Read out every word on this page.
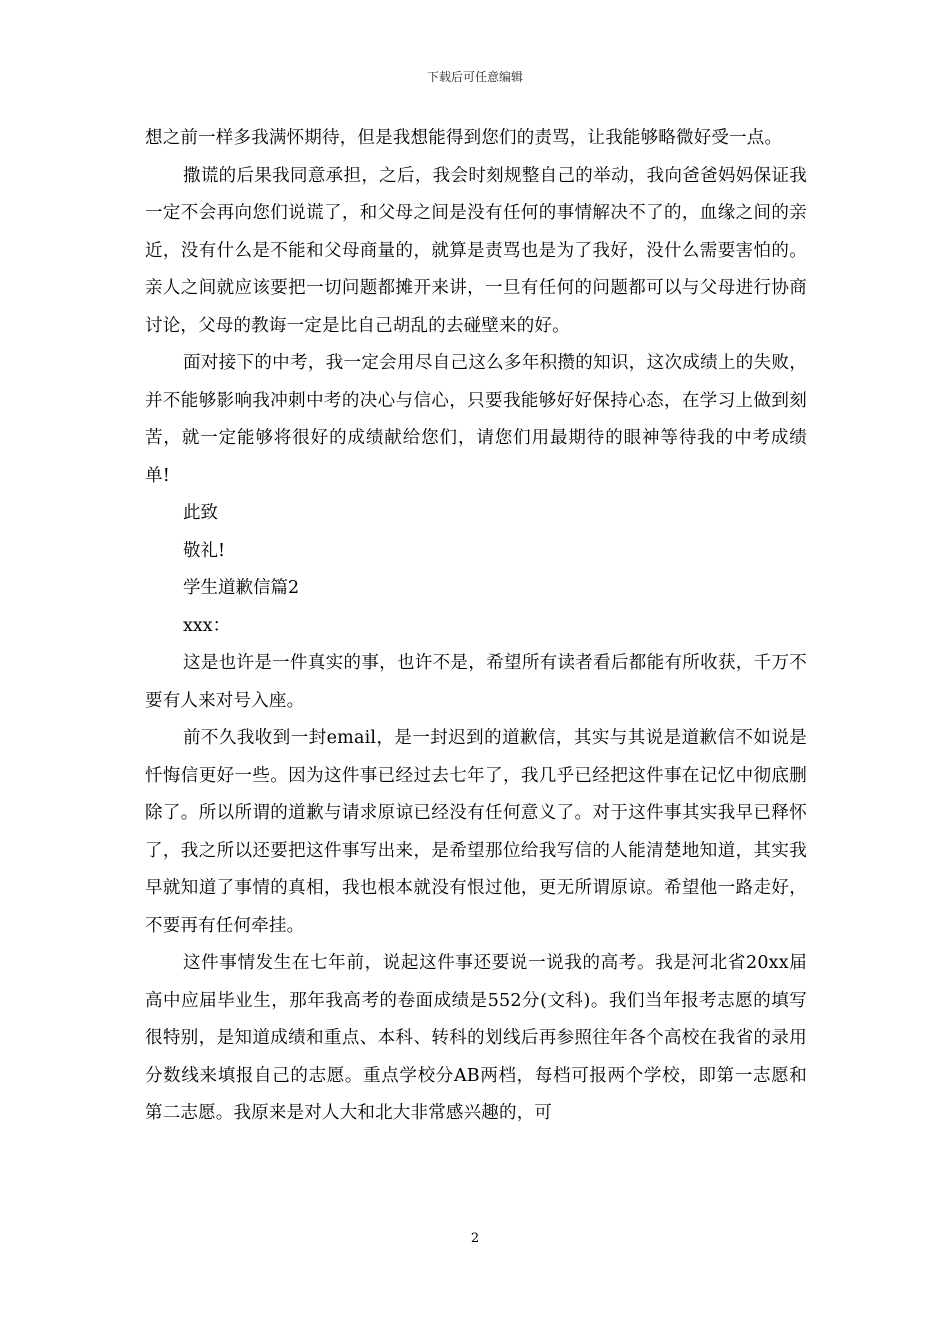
下载后可任意编辑

想之前一样多我满怀期待，但是我想能得到您们的责骂，让我能够略微好受一点。

撒谎的后果我同意承担，之后，我会时刻规整自己的举动，我向爸爸妈妈保证我一定不会再向您们说谎了，和父母之间是没有任何的事情解决不了的，血缘之间的亲近，没有什么是不能和父母商量的，就算是责骂也是为了我好，没什么需要害怕的。亲人之间就应该要把一切问题都摊开来讲，一旦有任何的问题都可以与父母进行协商讨论，父母的教诲一定是比自己胡乱的去碰壁来的好。

面对接下的中考，我一定会用尽自己这么多年积攒的知识，这次成绩上的失败，并不能够影响我冲刺中考的决心与信心，只要我能够好好保持心态，在学习上做到刻苦，就一定能够将很好的成绩献给您们，请您们用最期待的眼神等待我的中考成绩单!

此致

敬礼!

学生道歉信篇2

xxx：

这是也许是一件真实的事，也许不是，希望所有读者看后都能有所收获，千万不要有人来对号入座。

前不久我收到一封email，是一封迟到的道歉信，其实与其说是道歉信不如说是忏悔信更好一些。因为这件事已经过去七年了，我几乎已经把这件事在记忆中彻底删除了。所以所谓的道歉与请求原谅已经没有任何意义了。对于这件事其实我早已释怀了，我之所以还要把这件事写出来，是希望那位给我写信的人能清楚地知道，其实我早就知道了事情的真相，我也根本就没有恨过他，更无所谓原谅。希望他一路走好，不要再有任何牵挂。

这件事情发生在七年前，说起这件事还要说一说我的高考。我是河北省20xx届高中应届毕业生，那年我高考的卷面成绩是552分(文科)。我们当年报考志愿的填写很特别，是知道成绩和重点、本科、转科的划线后再参照往年各个高校在我省的录用分数线来填报自己的志愿。重点学校分AB两档，每档可报两个学校，即第一志愿和第二志愿。我原来是对人大和北大非常感兴趣的，可

2
